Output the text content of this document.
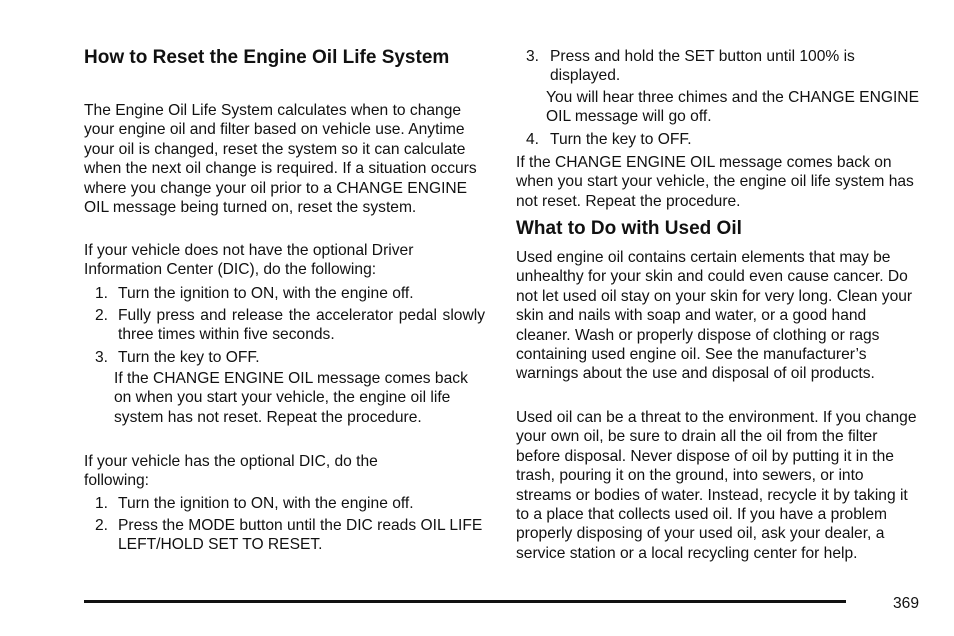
How to Reset the Engine Oil Life System

The Engine Oil Life System calculates when to change your engine oil and filter based on vehicle use. Anytime your oil is changed, reset the system so it can calculate when the next oil change is required. If a situation occurs where you change your oil prior to a CHANGE ENGINE OIL message being turned on, reset the system.

If your vehicle does not have the optional Driver Information Center (DIC), do the following:

1. Turn the ignition to ON, with the engine off.
2. Fully press and release the accelerator pedal slowly three times within five seconds.
3. Turn the key to OFF.

If the CHANGE ENGINE OIL message comes back on when you start your vehicle, the engine oil life system has not reset. Repeat the procedure.

If your vehicle has the optional DIC, do the following:

1. Turn the ignition to ON, with the engine off.
2. Press the MODE button until the DIC reads OIL LIFE LEFT/HOLD SET TO RESET.
3. Press and hold the SET button until 100% is displayed.

You will hear three chimes and the CHANGE ENGINE OIL message will go off.

4. Turn the key to OFF.

If the CHANGE ENGINE OIL message comes back on when you start your vehicle, the engine oil life system has not reset. Repeat the procedure.

What to Do with Used Oil

Used engine oil contains certain elements that may be unhealthy for your skin and could even cause cancer. Do not let used oil stay on your skin for very long. Clean your skin and nails with soap and water, or a good hand cleaner. Wash or properly dispose of clothing or rags containing used engine oil. See the manufacturer’s warnings about the use and disposal of oil products.

Used oil can be a threat to the environment. If you change your own oil, be sure to drain all the oil from the filter before disposal. Never dispose of oil by putting it in the trash, pouring it on the ground, into sewers, or into streams or bodies of water. Instead, recycle it by taking it to a place that collects used oil. If you have a problem properly disposing of your used oil, ask your dealer, a service station or a local recycling center for help.

369
